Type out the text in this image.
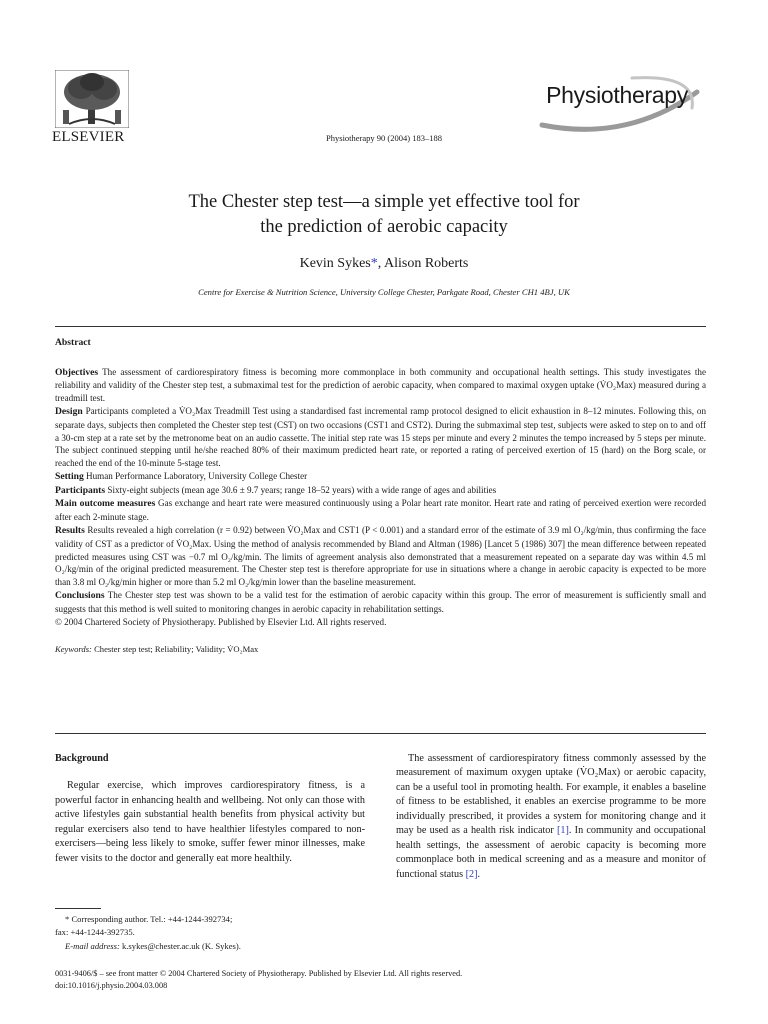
ELSEVIER	Physiotherapy 90 (2004) 183–188
Physiotherapy
The Chester step test—a simple yet effective tool for
the prediction of aerobic capacity
Kevin Sykes*, Alison Roberts
Centre for Exercise & Nutrition Science, University College Chester, Parkgate Road, Chester CH1 4BJ, UK
Abstract
Objectives The assessment of cardiorespiratory fitness is becoming more commonplace in both community and occupational health settings. This study investigates the reliability and validity of the Chester step test, a submaximal test for the prediction of aerobic capacity, when compared to maximal oxygen uptake (V̇O₂Max) measured during a treadmill test.
Design Participants completed a V̇O₂Max Treadmill Test using a standardised fast incremental ramp protocol designed to elicit exhaustion in 8–12 minutes. Following this, on separate days, subjects then completed the Chester step test (CST) on two occasions (CST1 and CST2). During the submaximal step test, subjects were asked to step on to and off a 30-cm step at a rate set by the metronome beat on an audio cassette. The initial step rate was 15 steps per minute and every 2 minutes the tempo increased by 5 steps per minute. The subject continued stepping until he/she reached 80% of their maximum predicted heart rate, or reported a rating of perceived exertion of 15 (hard) on the Borg scale, or reached the end of the 10-minute 5-stage test.
Setting Human Performance Laboratory, University College Chester
Participants Sixty-eight subjects (mean age 30.6 ± 9.7 years; range 18–52 years) with a wide range of ages and abilities
Main outcome measures Gas exchange and heart rate were measured continuously using a Polar heart rate monitor. Heart rate and rating of perceived exertion were recorded after each 2-minute stage.
Results Results revealed a high correlation (r = 0.92) between V̇O₂Max and CST1 (P < 0.001) and a standard error of the estimate of 3.9 ml O₂/kg/min, thus confirming the face validity of CST as a predictor of V̇O₂Max. Using the method of analysis recommended by Bland and Altman (1986) [Lancet 5 (1986) 307] the mean difference between repeated predicted measures using CST was −0.7 ml O₂/kg/min. The limits of agreement analysis also demonstrated that a measurement repeated on a separate day was within 4.5 ml O₂/kg/min of the original predicted measurement. The Chester step test is therefore appropriate for use in situations where a change in aerobic capacity is expected to be more than 3.8 ml O₂/kg/min higher or more than 5.2 ml O₂/kg/min lower than the baseline measurement.
Conclusions The Chester step test was shown to be a valid test for the estimation of aerobic capacity within this group. The error of measurement is sufficiently small and suggests that this method is well suited to monitoring changes in aerobic capacity in rehabilitation settings.
© 2004 Chartered Society of Physiotherapy. Published by Elsevier Ltd. All rights reserved.
Keywords: Chester step test; Reliability; Validity; V̇O₂Max
Background

Regular exercise, which improves cardiorespiratory fitness, is a powerful factor in enhancing health and wellbeing. Not only can those with active lifestyles gain substantial health benefits from physical activity but regular exercisers also tend to have healthier lifestyles compared to non-exercisers—being less likely to smoke, suffer fewer minor illnesses, make fewer visits to the doctor and generally eat more healthily.

The assessment of cardiorespiratory fitness commonly assessed by the measurement of maximum oxygen uptake (V̇O₂Max) or aerobic capacity, can be a useful tool in promoting health. For example, it enables a baseline of fitness to be established, it enables an exercise programme to be more individually prescribed, it provides a system for monitoring change and it may be used as a health risk indicator [1]. In community and occupational health settings, the assessment of aerobic capacity is becoming more commonplace both in medical screening and as a measure and monitor of functional status [2].

* Corresponding author. Tel.: +44-1244-392734;
fax: +44-1244-392735.
E-mail address: k.sykes@chester.ac.uk (K. Sykes).
0031-9406/$ – see front matter © 2004 Chartered Society of Physiotherapy. Published by Elsevier Ltd. All rights reserved.
doi:10.1016/j.physio.2004.03.008
